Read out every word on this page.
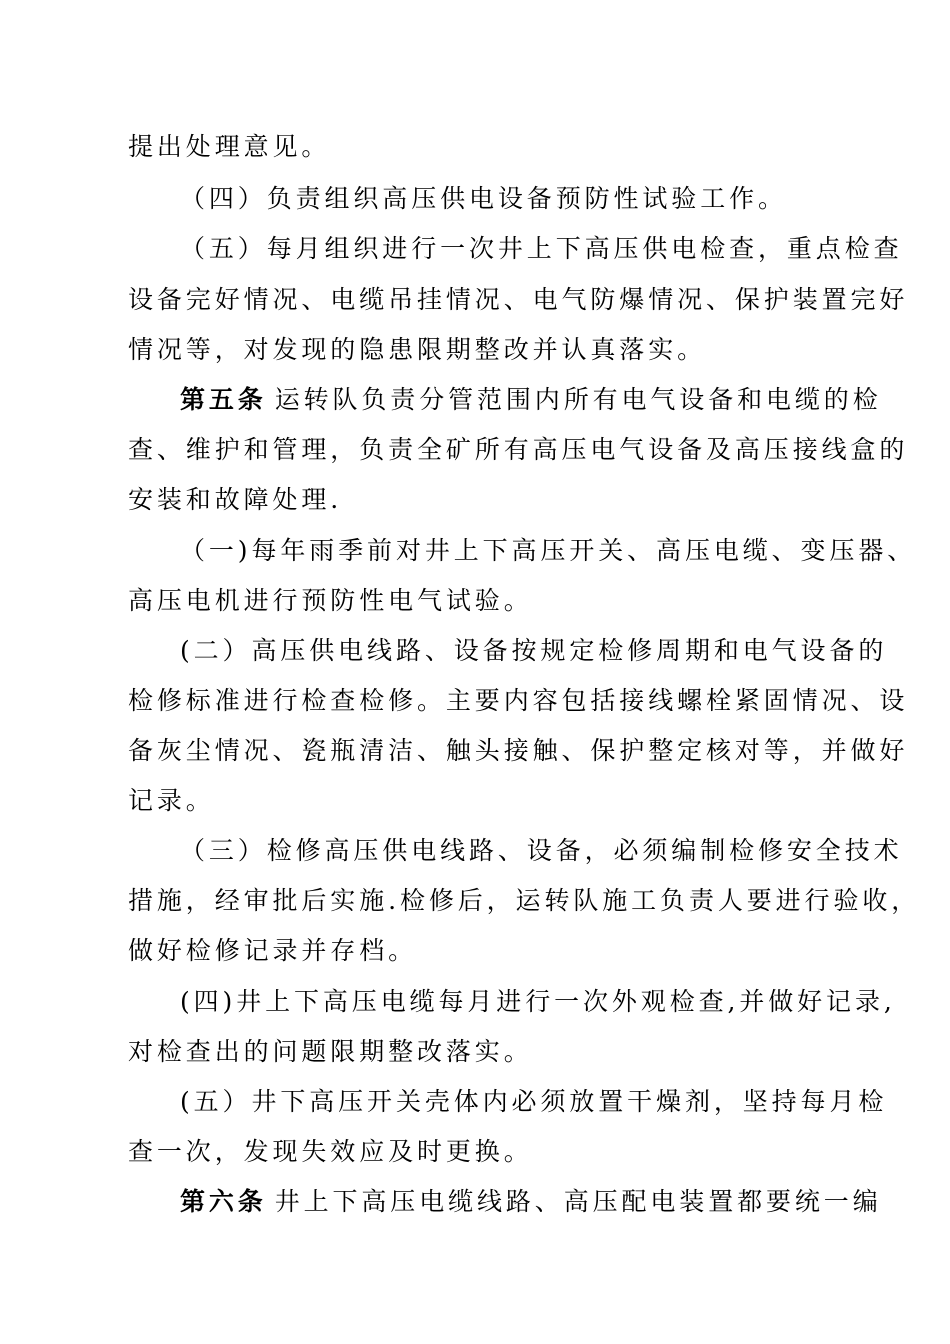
提出处理意见。
（四）负责组织高压供电设备预防性试验工作。
（五）每月组织进行一次井上下高压供电检查，重点检查
设备完好情况、电缆吊挂情况、电气防爆情况、保护装置完好
情况等，对发现的隐患限期整改并认真落实。
第五条 运转队负责分管范围内所有电气设备和电缆的检
查、维护和管理，负责全矿所有高压电气设备及高压接线盒的
安装和故障处理.
（一)每年雨季前对井上下高压开关、高压电缆、变压器、
高压电机进行预防性电气试验。
(二）高压供电线路、设备按规定检修周期和电气设备的
检修标准进行检查检修。主要内容包括接线螺栓紧固情况、设
备灰尘情况、瓷瓶清洁、触头接触、保护整定核对等，并做好
记录。
（三）检修高压供电线路、设备，必须编制检修安全技术
措施，经审批后实施.检修后，运转队施工负责人要进行验收，
做好检修记录并存档。
(四)井上下高压电缆每月进行一次外观检查,并做好记录,
对检查出的问题限期整改落实。
(五）井下高压开关壳体内必须放置干燥剂，坚持每月检
查一次，发现失效应及时更换。
第六条 井上下高压电缆线路、高压配电装置都要统一编
